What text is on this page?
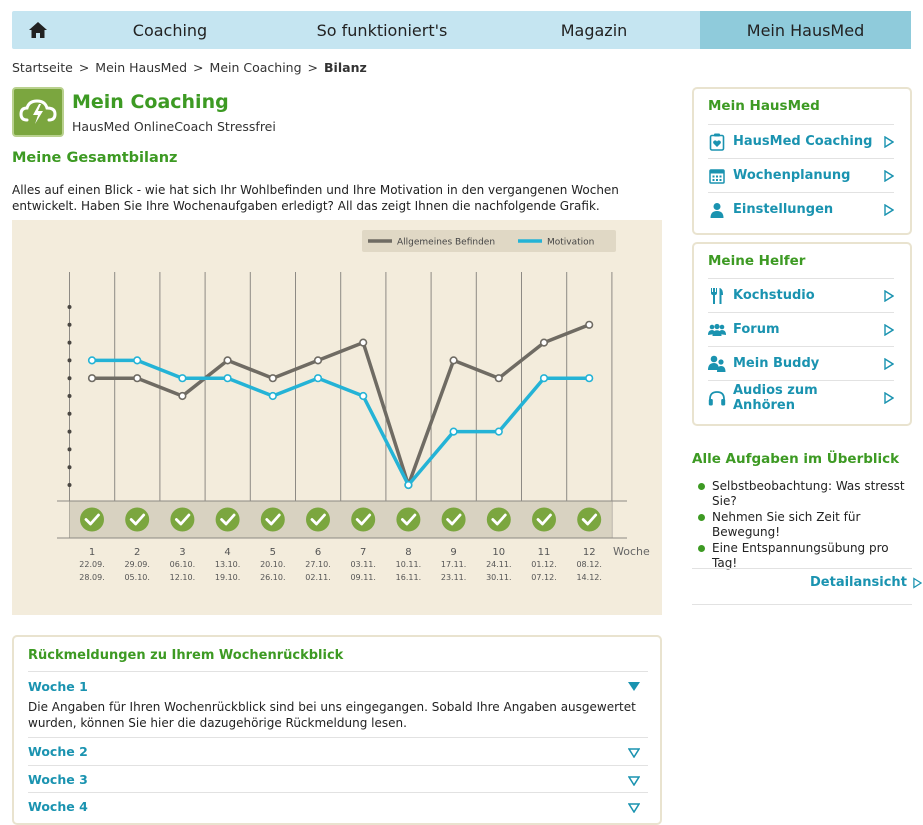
Coaching	So funktioniert's	Magazin	Mein HausMed
Startseite > Mein HausMed > Mein Coaching > Bilanz
Mein Coaching
HausMed OnlineCoach Stressfrei
Meine Gesamtbilanz
Alles auf einen Blick - wie hat sich Ihr Wohlbefinden und Ihre Motivation in den vergangenen Wochen entwickelt. Haben Sie Ihre Wochenaufgaben erledigt? All das zeigt Ihnen die nachfolgende Grafik.
1
22.09.
28.09.
2
29.09.
05.10.
3
06.10.
12.10.
4
13.10.
19.10.
5
20.10.
26.10.
6
27.10.
02.11.
7
03.11.
09.11.
8
10.11.
16.11.
9
17.11.
23.11.
10
24.11.
30.11.
11
01.12.
07.12.
12
08.12.
14.12.
Woche
Allgemeines Befinden	Motivation
Rückmeldungen zu Ihrem Wochenrückblick
Woche 1
Die Angaben für Ihren Wochenrückblick sind bei uns eingegangen. Sobald Ihre Angaben ausgewertet wurden, können Sie hier die dazugehörige Rückmeldung lesen.
Woche 2
Woche 3
Woche 4
Mein HausMed
HausMed Coaching
Wochenplanung
Einstellungen
Meine Helfer
Kochstudio
Forum
Mein Buddy
Audios zum Anhören
Alle Aufgaben im Überblick
Selbstbeobachtung: Was stresst Sie?
Nehmen Sie sich Zeit für Bewegung!
Eine Entspannungsübung pro Tag!
Detailansicht
